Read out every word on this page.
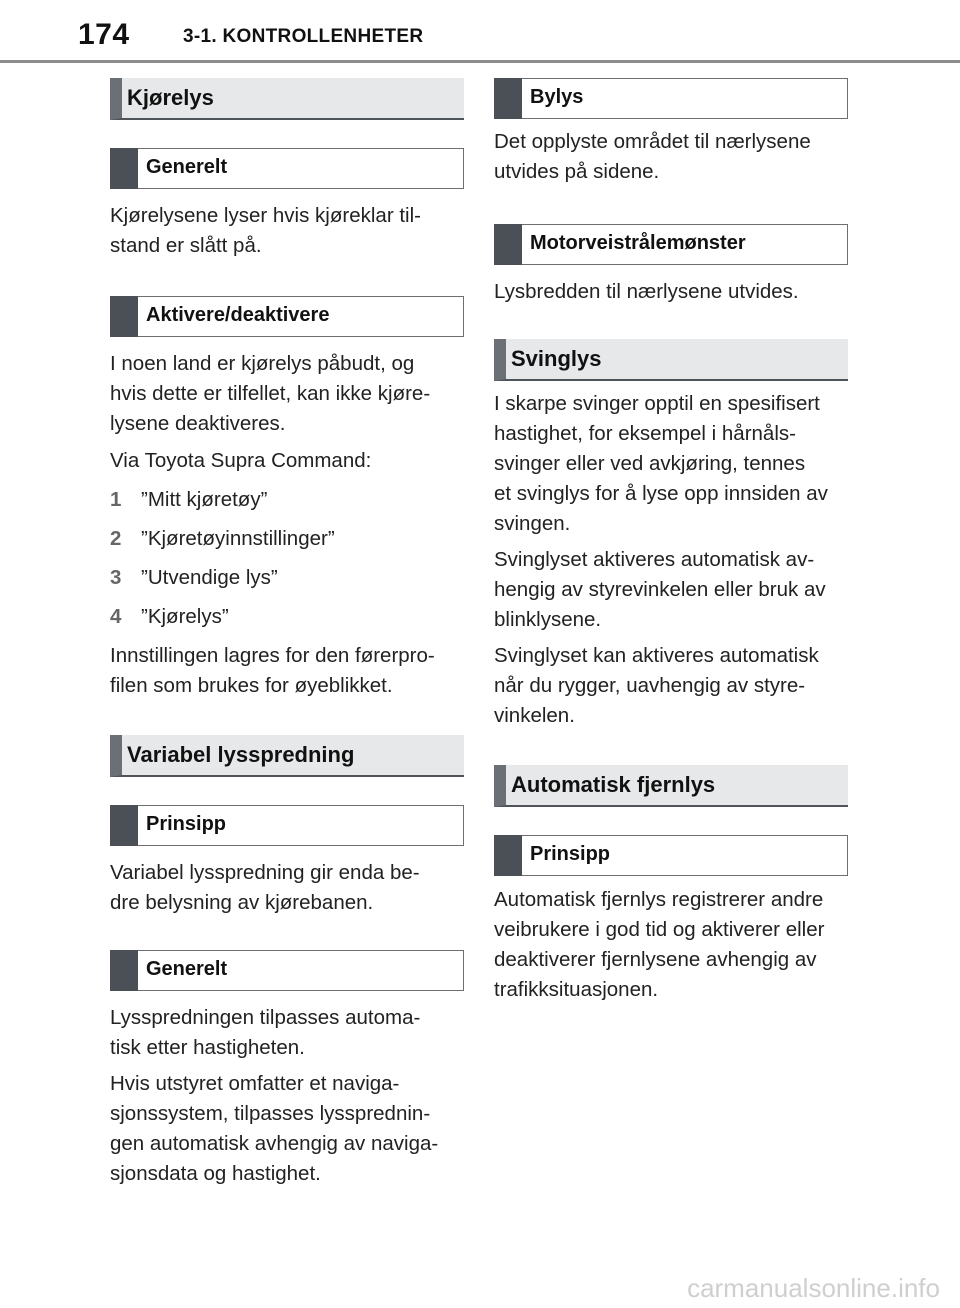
174	3-1. KONTROLLENHETER
Kjørelys
Generelt

Kjørelysene lyser hvis kjøreklar til-

stand er slått på.

Aktivere/deaktivere

I noen land er kjørelys påbudt, og

hvis dette er tilfellet, kan ikke kjøre-

lysene deaktiveres.

Via Toyota Supra Command:

1 ”Mitt kjøretøy”
2 ”Kjøretøyinnstillinger”
3 ”Utvendige lys”
4 ”Kjørelys”

Innstillingen lagres for den førerpro-

filen som brukes for øyeblikket.

Variabel lysspredning
Prinsipp

Variabel lysspredning gir enda be-

dre belysning av kjørebanen.

Generelt

Lysspredningen tilpasses automa-

tisk etter hastigheten.

Hvis utstyret omfatter et naviga-

sjonssystem, tilpasses lyssprednin-

gen automatisk avhengig av naviga-

sjonsdata og hastighet.

Bylys

Det opplyste området til nærlysene

utvides på sidene.

Motorveistrålemønster

Lysbredden til nærlysene utvides.

Svinglys

I skarpe svinger opptil en spesifisert

hastighet, for eksempel i hårnåls-

svinger eller ved avkjøring, tennes

et svinglys for å lyse opp innsiden av

svingen.

Svinglyset aktiveres automatisk av-

hengig av styrevinkelen eller bruk av

blinklysene.

Svinglyset kan aktiveres automatisk

når du rygger, uavhengig av styre-

vinkelen.

Automatisk fjernlys
Prinsipp

Automatisk fjernlys registrerer andre

veibrukere i god tid og aktiverer eller

deaktiverer fjernlysene avhengig av

trafikksituasjonen.

carmanualsonline.info
